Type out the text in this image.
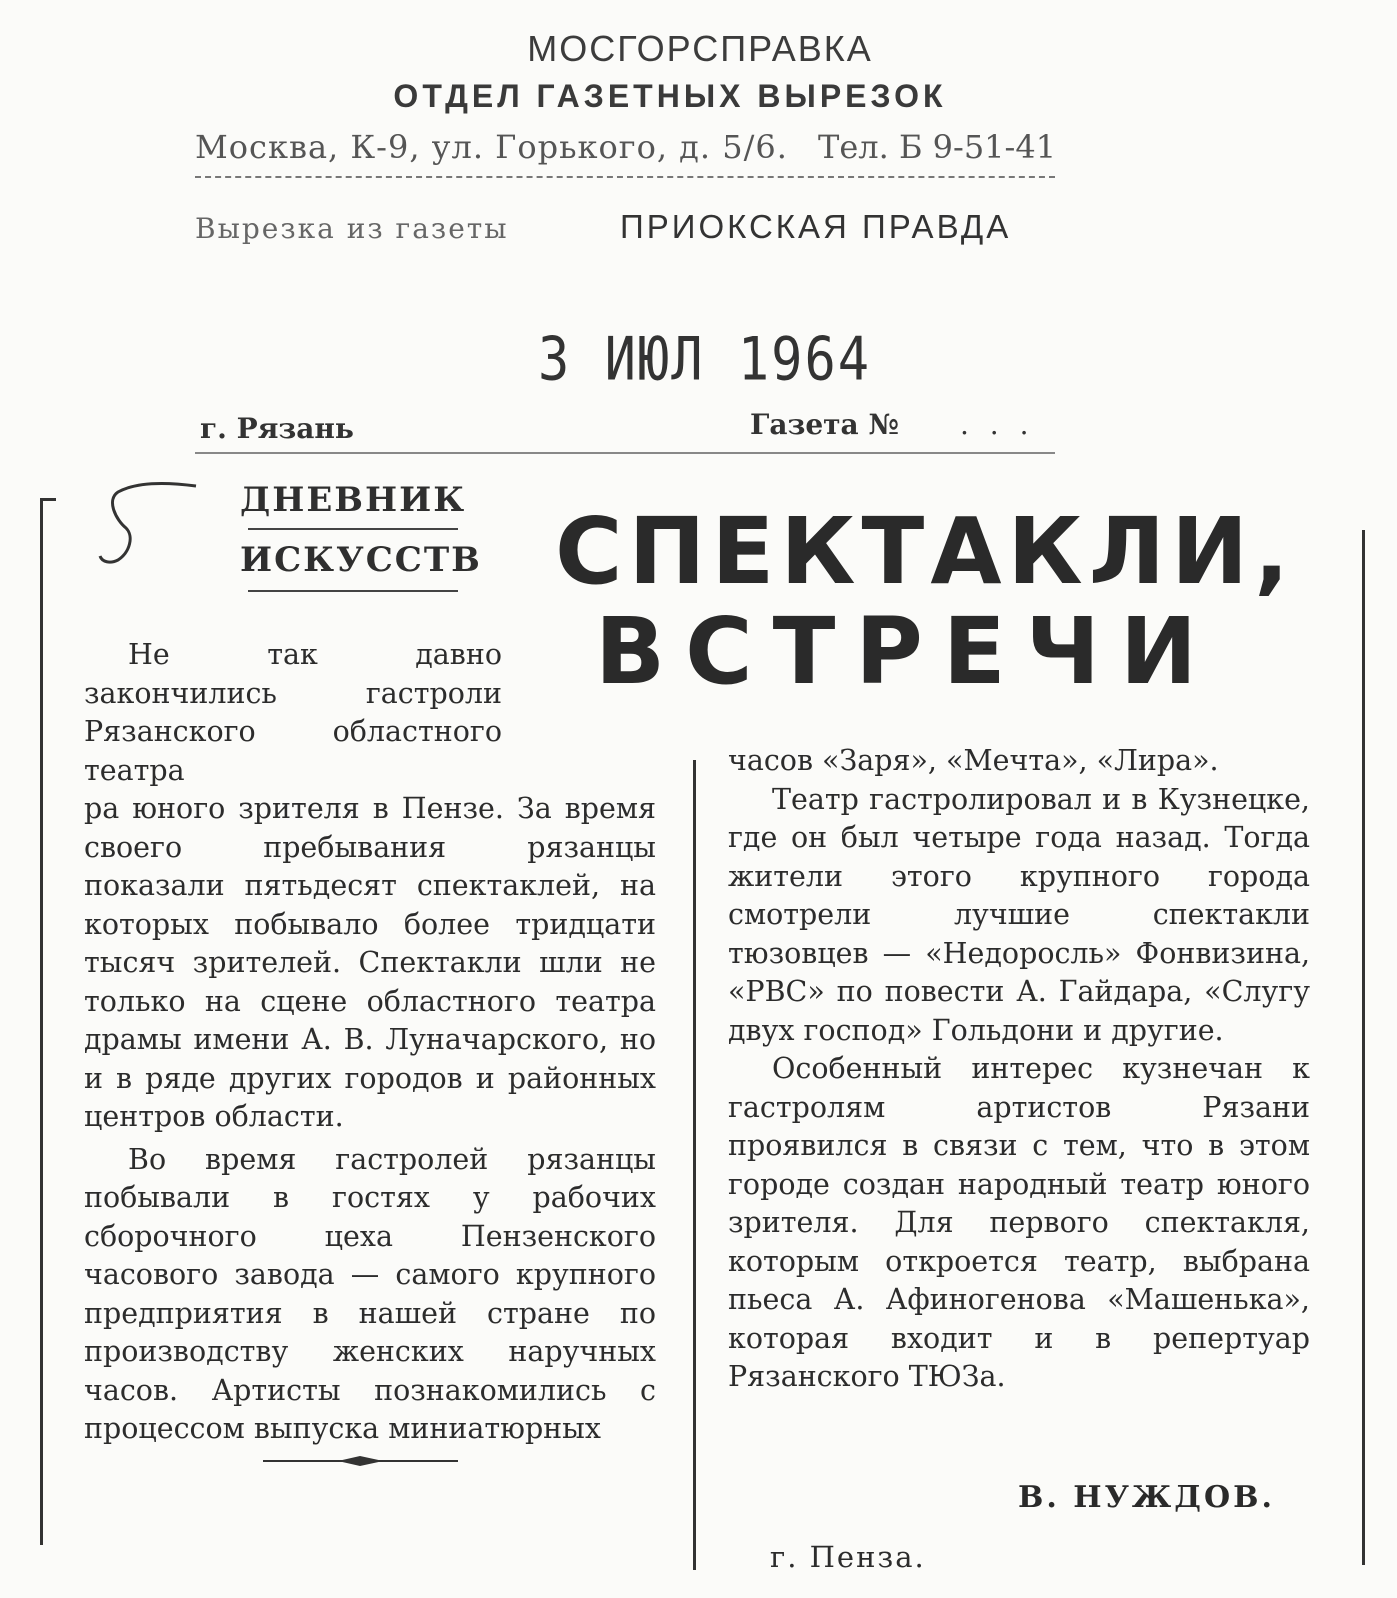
МОСГОРСПРАВКА
ОТДЕЛ ГАЗЕТНЫХ ВЫРЕЗОК
Москва, К-9, ул. Горького, д. 5/6. Тел. Б 9-51-41
Вырезка из газеты	ПРИОКСКАЯ ПРАВДА
3 ИЮЛ 1964
г. Рязань	Газета № . . .
ДНЕВНИК
ИСКУССТВ СПЕКТАКЛИ,
ВСТРЕЧИ

Не так давно закончились гастроли Рязанского областного театра

ра юного зрителя в Пензе. За время своего пребывания рязанцы показали пятьдесят спектаклей, на которых побывало более тридцати тысяч зрителей. Спектакли шли не только на сцене областного театра драмы имени А. В. Луначарского, но и в ряде других городов и районных центров области.

Во время гастролей рязанцы побывали в гостях у рабочих сборочного цеха Пензенского часового завода — самого крупного предприятия в нашей стране по производству женских наручных часов. Артисты познакомились с процессом выпуска миниатюрных

часов «Заря», «Мечта», «Лира».

Театр гастролировал и в Кузнецке, где он был четыре года назад. Тогда жители этого крупного города смотрели лучшие спектакли тюзовцев — «Недоросль» Фонвизина, «РВС» по повести А. Гайдара, «Слугу двух господ» Гольдони и другие.

Особенный интерес кузнечан к гастролям артистов Рязани проявился в связи с тем, что в этом городе создан народный театр юного зрителя. Для первого спектакля, которым откроется театр, выбрана пьеса А. Афиногенова «Машенька», которая входит и в репертуар Рязанского ТЮЗа.

В. НУЖДОВ.
г. Пенза.
